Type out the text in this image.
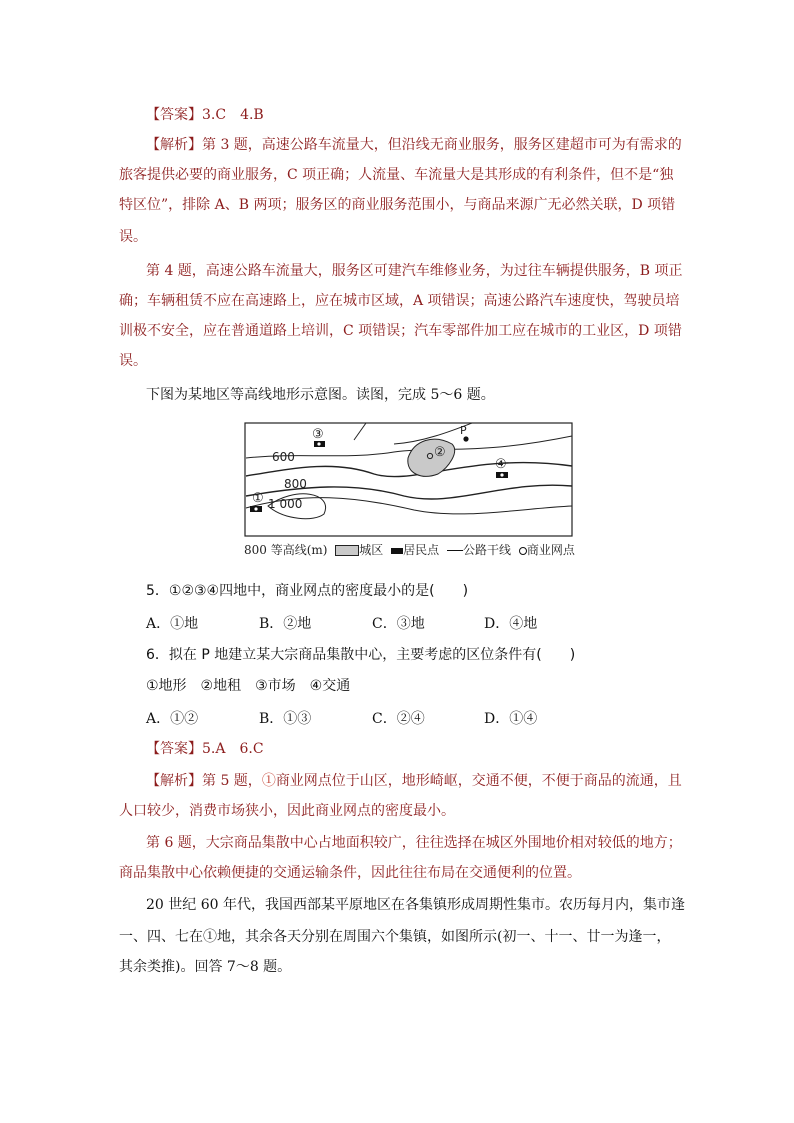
【答案】3.C　4.B
【解析】第 3 题，高速公路车流量大，但沿线无商业服务，服务区建超市可为有需求的
旅客提供必要的商业服务，C 项正确；人流量、车流量大是其形成的有利条件，但不是“独
特区位”，排除 A、B 两项；服务区的商业服务范围小，与商品来源广无必然关联，D 项错
误。
第 4 题，高速公路车流量大，服务区可建汽车维修业务，为过往车辆提供服务，B 项正
确；车辆租赁不应在高速路上，应在城市区域，A 项错误；高速公路汽车速度快，驾驶员培
训极不安全，应在普通道路上培训，C 项错误；汽车零部件加工应在城市的工业区，D 项错
误。
下图为某地区等高线地形示意图。读图，完成 5～6 题。
600
800
1 000
①
②
③
④
P
800 等高线(m)	城区 居民点 公路干线 商业网点
5．①②③④四地中，商业网点的密度最小的是(　　)
A．①地	B．②地	C．③地	D．④地
6．拟在 P 地建立某大宗商品集散中心，主要考虑的区位条件有(　　)
①地形　②地租　③市场　④交通
A．①②	B．①③	C．②④	D．①④
【答案】5.A　6.C
【解析】第 5 题，①商业网点位于山区，地形崎岖，交通不便，不便于商品的流通，且
人口较少，消费市场狭小，因此商业网点的密度最小。
第 6 题，大宗商品集散中心占地面积较广，往往选择在城区外围地价相对较低的地方；
商品集散中心依赖便捷的交通运输条件，因此往往布局在交通便利的位置。
20 世纪 60 年代，我国西部某平原地区在各集镇形成周期性集市。农历每月内，集市逢
一、四、七在①地，其余各天分别在周围六个集镇，如图所示(初一、十一、廿一为逢一，
其余类推)。回答 7～8 题。
